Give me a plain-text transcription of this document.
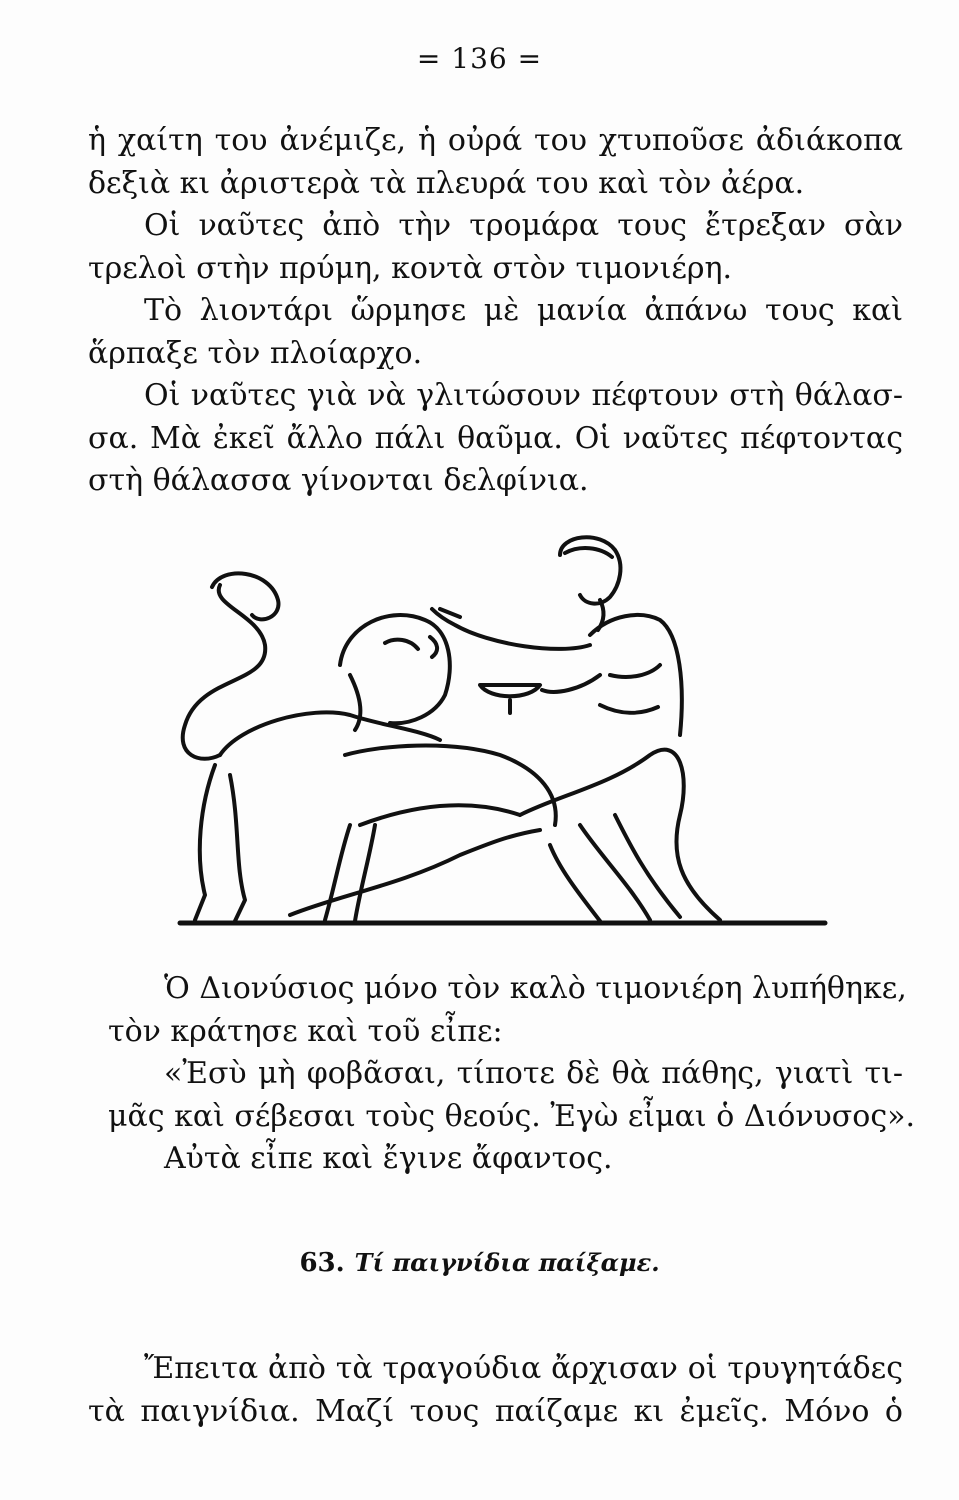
= 136 =
ἡ χαίτη του ἀνέμιζε, ἡ οὐρά του χτυποῦσε ἀδιάκοπα
δεξιὰ κι ἀριστερὰ τὰ πλευρά του καὶ τὸν ἀέρα.
Οἱ ναῦτες ἀπὸ τὴν τρομάρα τους ἔτρεξαν σὰν
τρελοὶ στὴν πρύμη, κοντὰ στὸν τιμονιέρη.
Τὸ λιοντάρι ὥρμησε μὲ μανία ἀπάνω τους καὶ
ἅρπαξε τὸν πλοίαρχο.
Οἱ ναῦτες γιὰ νὰ γλιτώσουν πέφτουν στὴ θάλασ-
σα. Μὰ ἐκεῖ ἄλλο πάλι θαῦμα. Οἱ ναῦτες πέφτοντας
στὴ θάλασσα γίνονται δελφίνια.
Ὁ Διονύσιος μόνο τὸν καλὸ τιμονιέρη λυπήθηκε,
τὸν κράτησε καὶ τοῦ εἶπε:
«Ἐσὺ μὴ φοβᾶσαι, τίποτε δὲ θὰ πάθης, γιατὶ τι-
μᾶς καὶ σέβεσαι τοὺς θεούς. Ἐγὼ εἶμαι ὁ Διόνυσος».
Αὐτὰ εἶπε καὶ ἔγινε ἄφαντος.
63. Τί παιγνίδια παίξαμε.
Ἔπειτα ἀπὸ τὰ τραγούδια ἄρχισαν οἱ τρυγητάδες
τὰ παιγνίδια. Μαζί τους παίζαμε κι ἐμεῖς. Μόνο ὁ
